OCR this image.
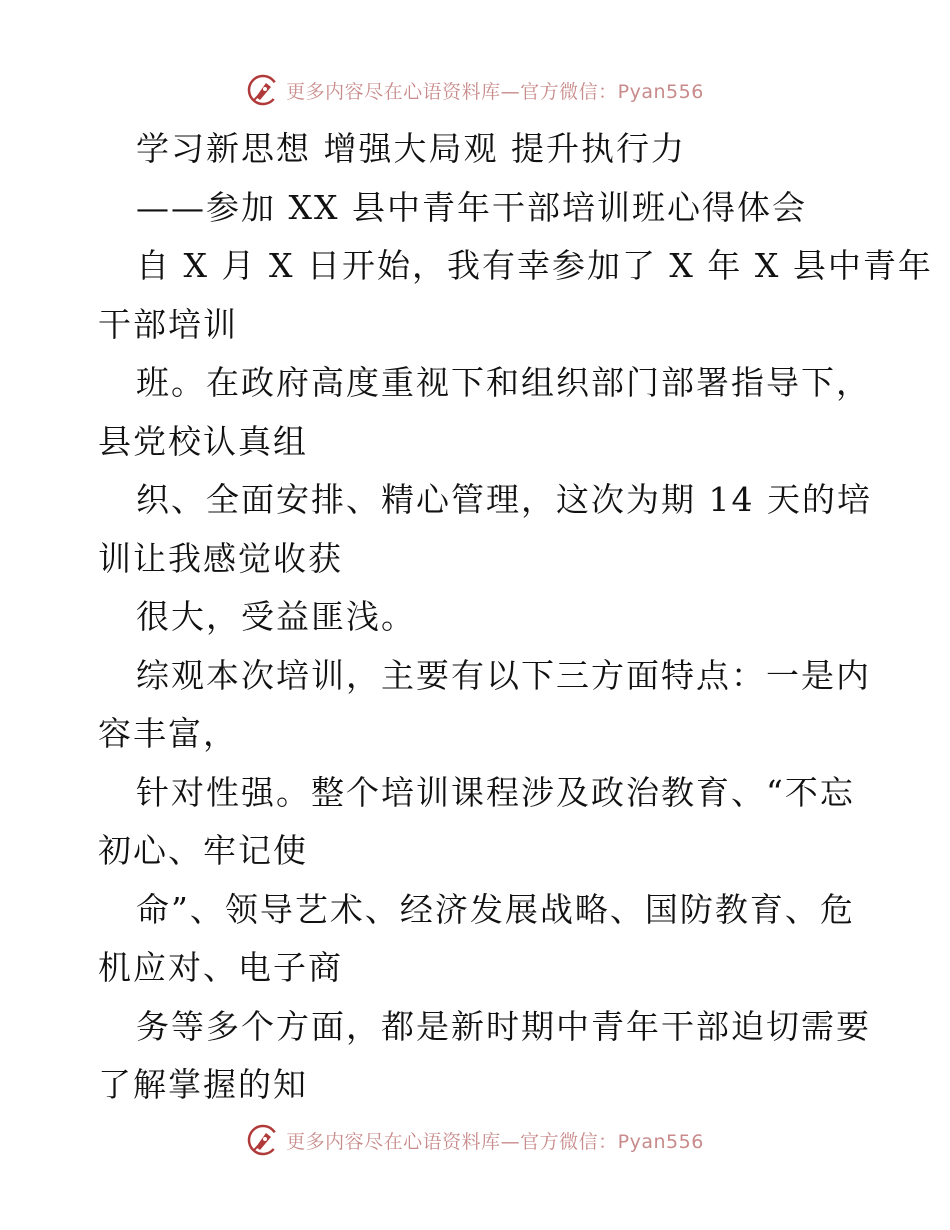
更多内容尽在心语资料库—官方微信：Pyan556
学习新思想 增强大局观 提升执行力
——参加 XX 县中青年干部培训班心得体会
自 X 月 X 日开始，我有幸参加了 X 年 X 县中青年
干部培训
班。在政府高度重视下和组织部门部署指导下，
县党校认真组
织、全面安排、精心管理，这次为期 14 天的培
训让我感觉收获
很大，受益匪浅。
综观本次培训，主要有以下三方面特点：一是内
容丰富，
针对性强。整个培训课程涉及政治教育、“不忘
初心、牢记使
命”、领导艺术、经济发展战略、国防教育、危
机应对、电子商
务等多个方面，都是新时期中青年干部迫切需要
了解掌握的知
更多内容尽在心语资料库—官方微信：Pyan556
